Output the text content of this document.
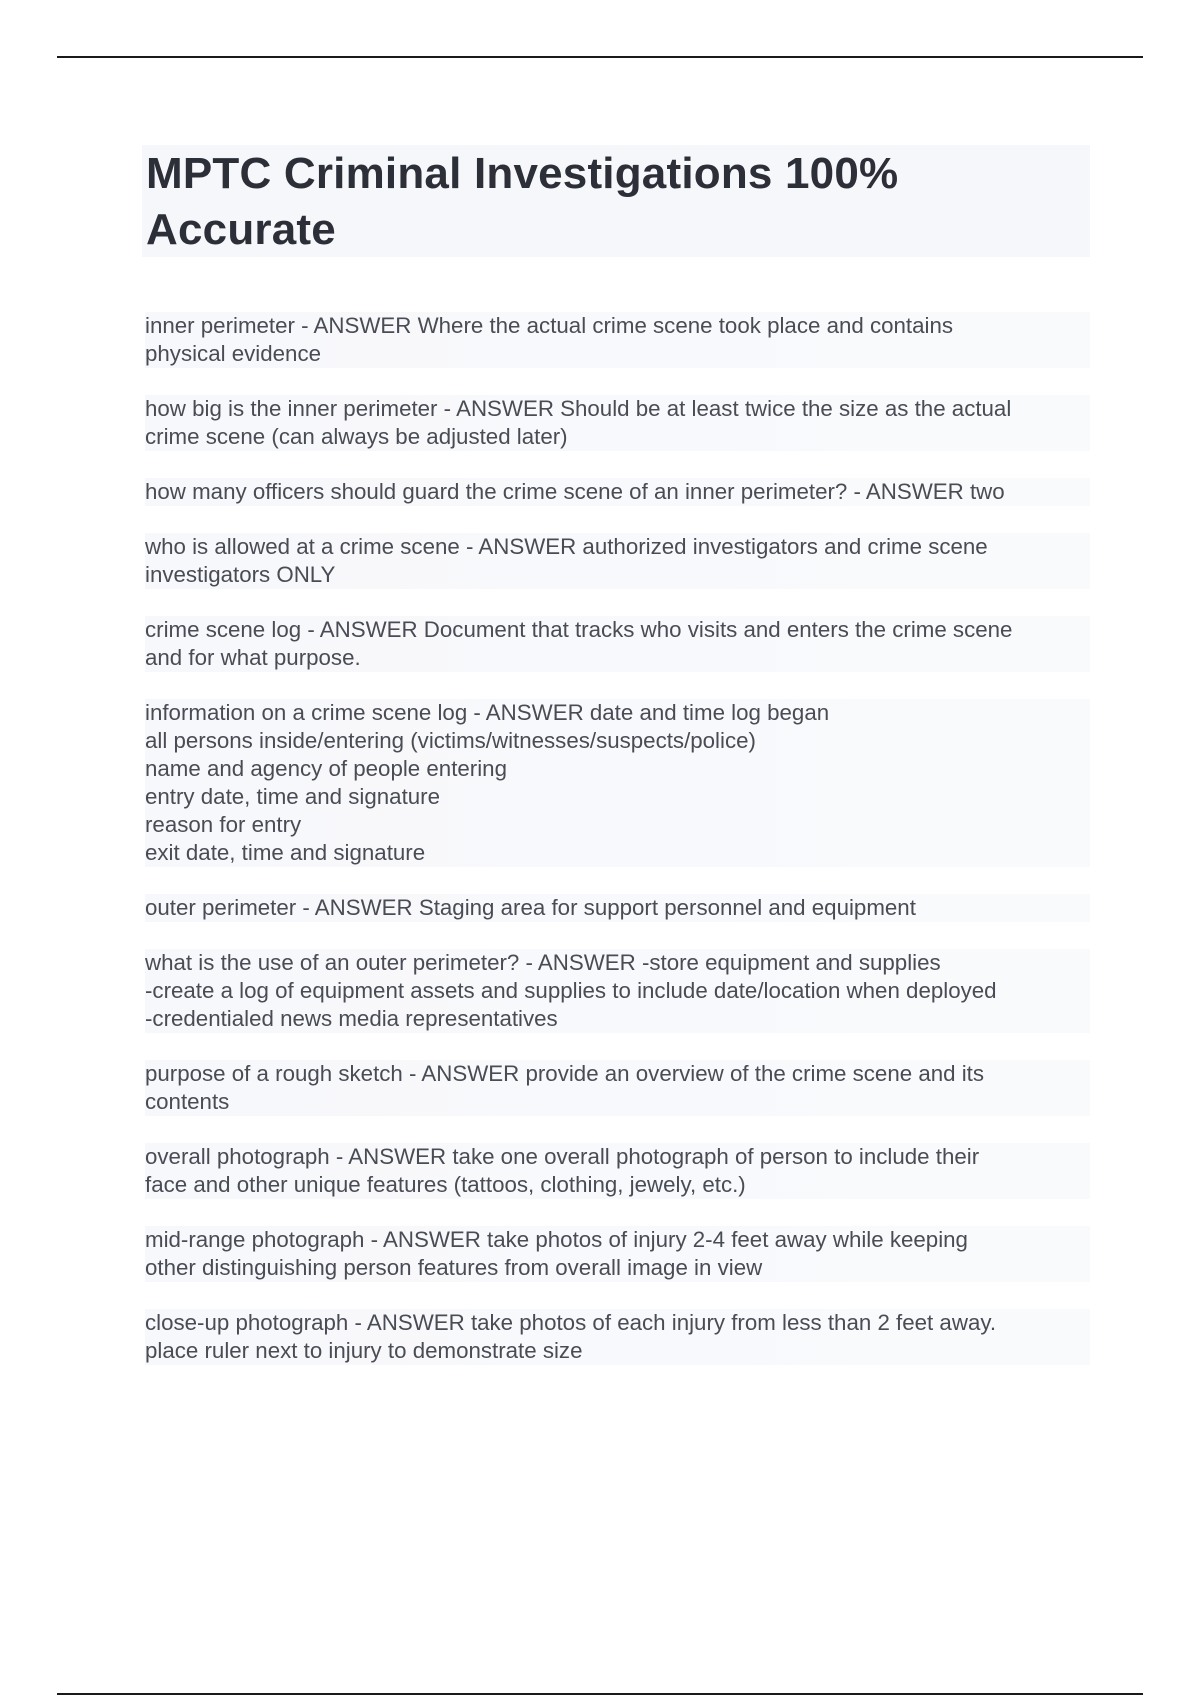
MPTC Criminal Investigations 100% Accurate

inner perimeter - ANSWER Where the actual crime scene took place and contains
physical evidence

how big is the inner perimeter - ANSWER Should be at least twice the size as the actual
crime scene (can always be adjusted later)

how many officers should guard the crime scene of an inner perimeter? - ANSWER two

who is allowed at a crime scene - ANSWER authorized investigators and crime scene
investigators ONLY

crime scene log - ANSWER Document that tracks who visits and enters the crime scene
and for what purpose.

information on a crime scene log - ANSWER date and time log began
all persons inside/entering (victims/witnesses/suspects/police)
name and agency of people entering
entry date, time and signature
reason for entry
exit date, time and signature

outer perimeter - ANSWER Staging area for support personnel and equipment

what is the use of an outer perimeter? - ANSWER -store equipment and supplies
-create a log of equipment assets and supplies to include date/location when deployed
-credentialed news media representatives

purpose of a rough sketch - ANSWER provide an overview of the crime scene and its
contents

overall photograph - ANSWER take one overall photograph of person to include their
face and other unique features (tattoos, clothing, jewely, etc.)

mid-range photograph - ANSWER take photos of injury 2-4 feet away while keeping
other distinguishing person features from overall image in view

close-up photograph - ANSWER take photos of each injury from less than 2 feet away.
place ruler next to injury to demonstrate size
